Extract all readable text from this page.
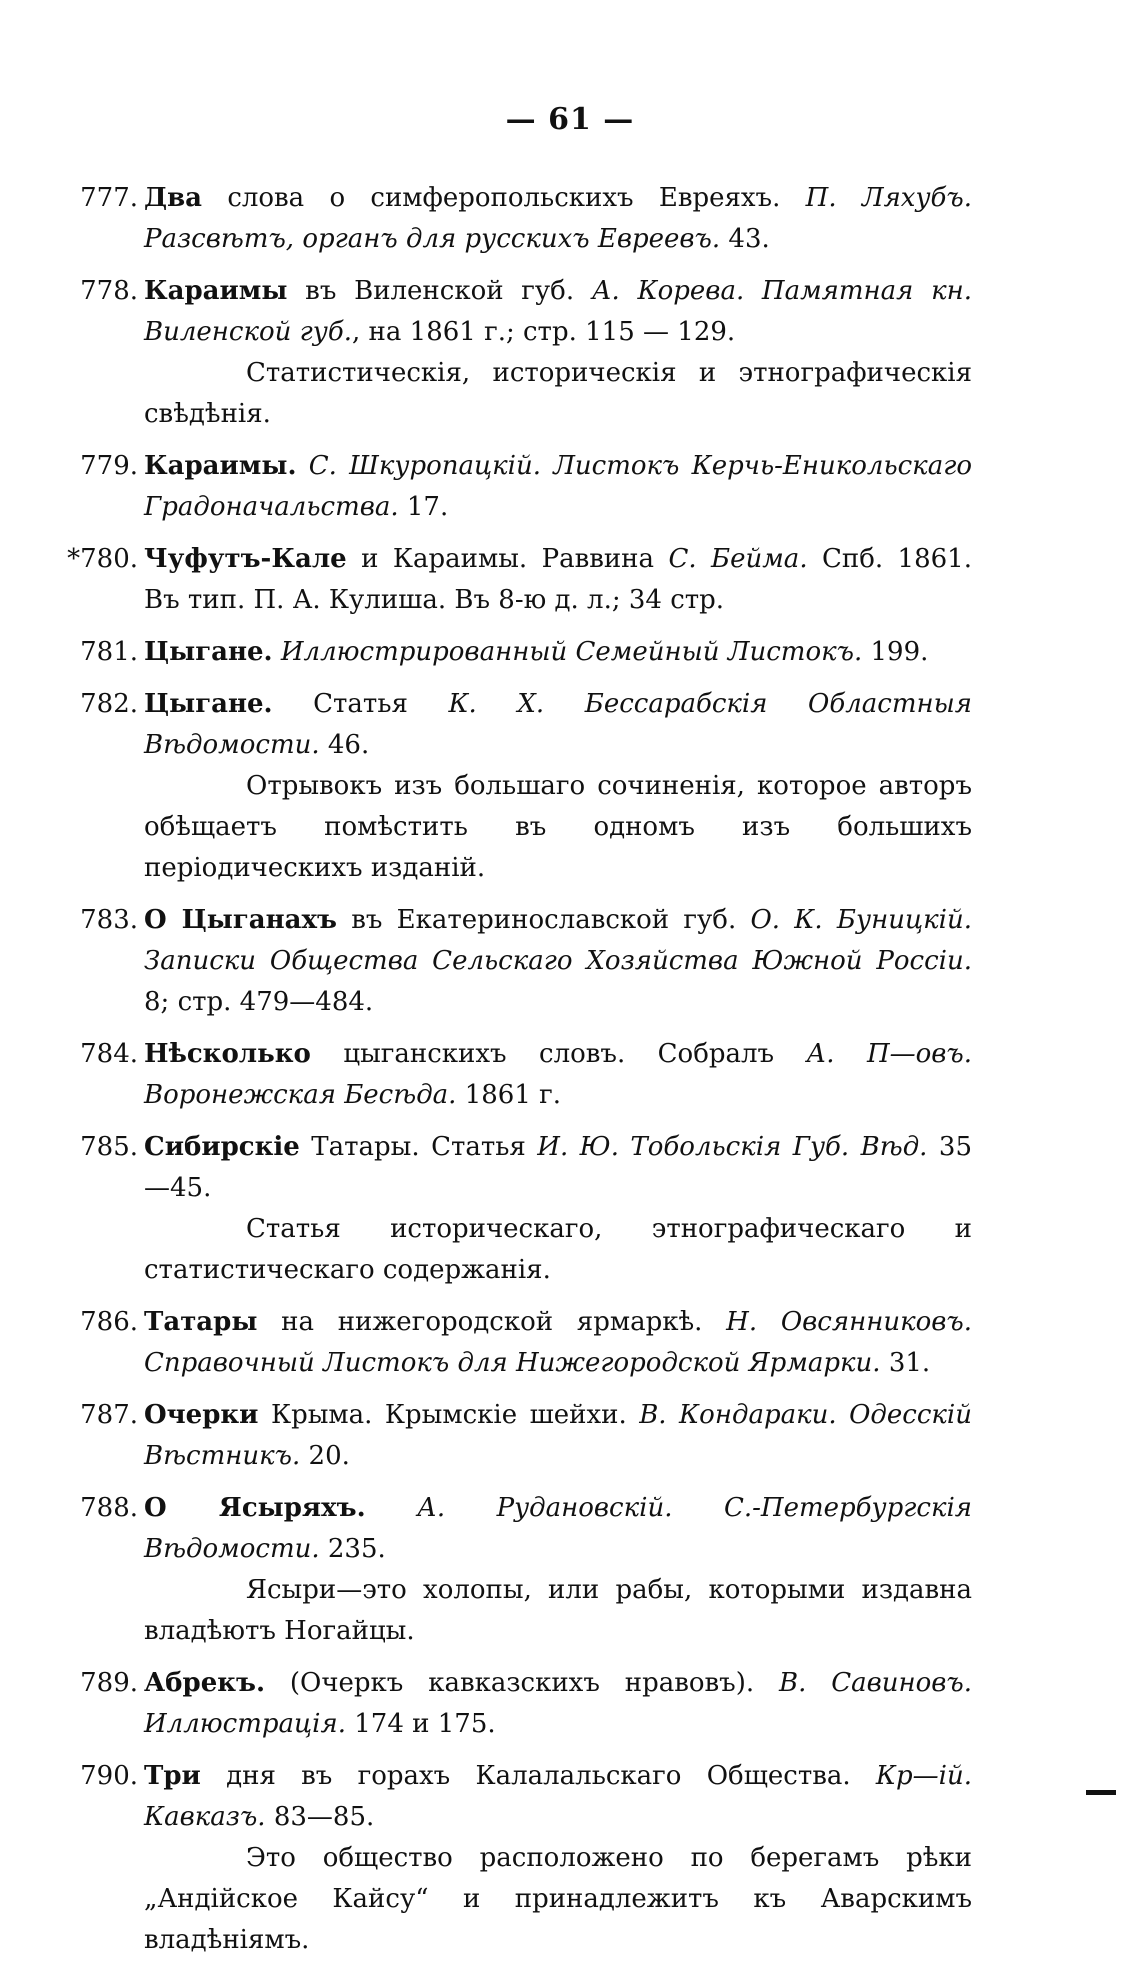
— 61 —
777. Два слова о симферопольскихъ Евреяхъ. П. Ляхубъ. Разсвѣтъ, органъ для русскихъ Евреевъ. 43.
778. Караимы въ Виленской губ. А. Корева. Памятная кн. Виленской губ., на 1861 г.; стр. 115 — 129.
Статистическія, историческія и этнографическія свѣдѣнія.
779. Караимы. С. Шкуропацкій. Листокъ Керчь-Еникольскаго Градоначальства. 17.
*780. Чуфутъ-Кале и Караимы. Раввина С. Бейма. Спб. 1861. Въ тип. П. А. Кулиша. Въ 8-ю д. л.; 34 стр.
781. Цыгане. Иллюстрированный Семейный Листокъ. 199.
782. Цыгане. Статья К. Х. Бессарабскія Областныя Вѣдомости. 46.
Отрывокъ изъ большаго сочиненія, которое авторъ обѣщаетъ помѣстить въ одномъ изъ большихъ періодическихъ изданій.
783. О Цыганахъ въ Екатеринославской губ. О. К. Буницкій. Записки Общества Сельскаго Хозяйства Южной Россіи. 8; стр. 479—484.
784. Нѣсколько цыганскихъ словъ. Собралъ А. П—овъ. Воронежская Бесѣда. 1861 г.
785. Сибирскіе Татары. Статья И. Ю. Тобольскія Губ. Вѣд. 35—45.
Статья историческаго, этнографическаго и статистическаго содержанія.
786. Татары на нижегородской ярмаркѣ. Н. Овсянниковъ. Справочный Листокъ для Нижегородской Ярмарки. 31.
787. Очерки Крыма. Крымскіе шейхи. В. Кондараки. Одесскій Вѣстникъ. 20.
788. О Ясыряхъ. А. Рудановскій. С.-Петербургскія Вѣдомости. 235.
Ясыри—это холопы, или рабы, которыми издавна владѣютъ Ногайцы.
789. Абрекъ. (Очеркъ кавказскихъ нравовъ). В. Савиновъ. Иллюстрація. 174 и 175.
790. Три дня въ горахъ Калалальскаго Общества. Кр—ій. Кавказъ. 83—85.
Это общество расположено по берегамъ рѣки „Андійское Кайсу“ и принадлежитъ къ Аварскимъ владѣніямъ.
